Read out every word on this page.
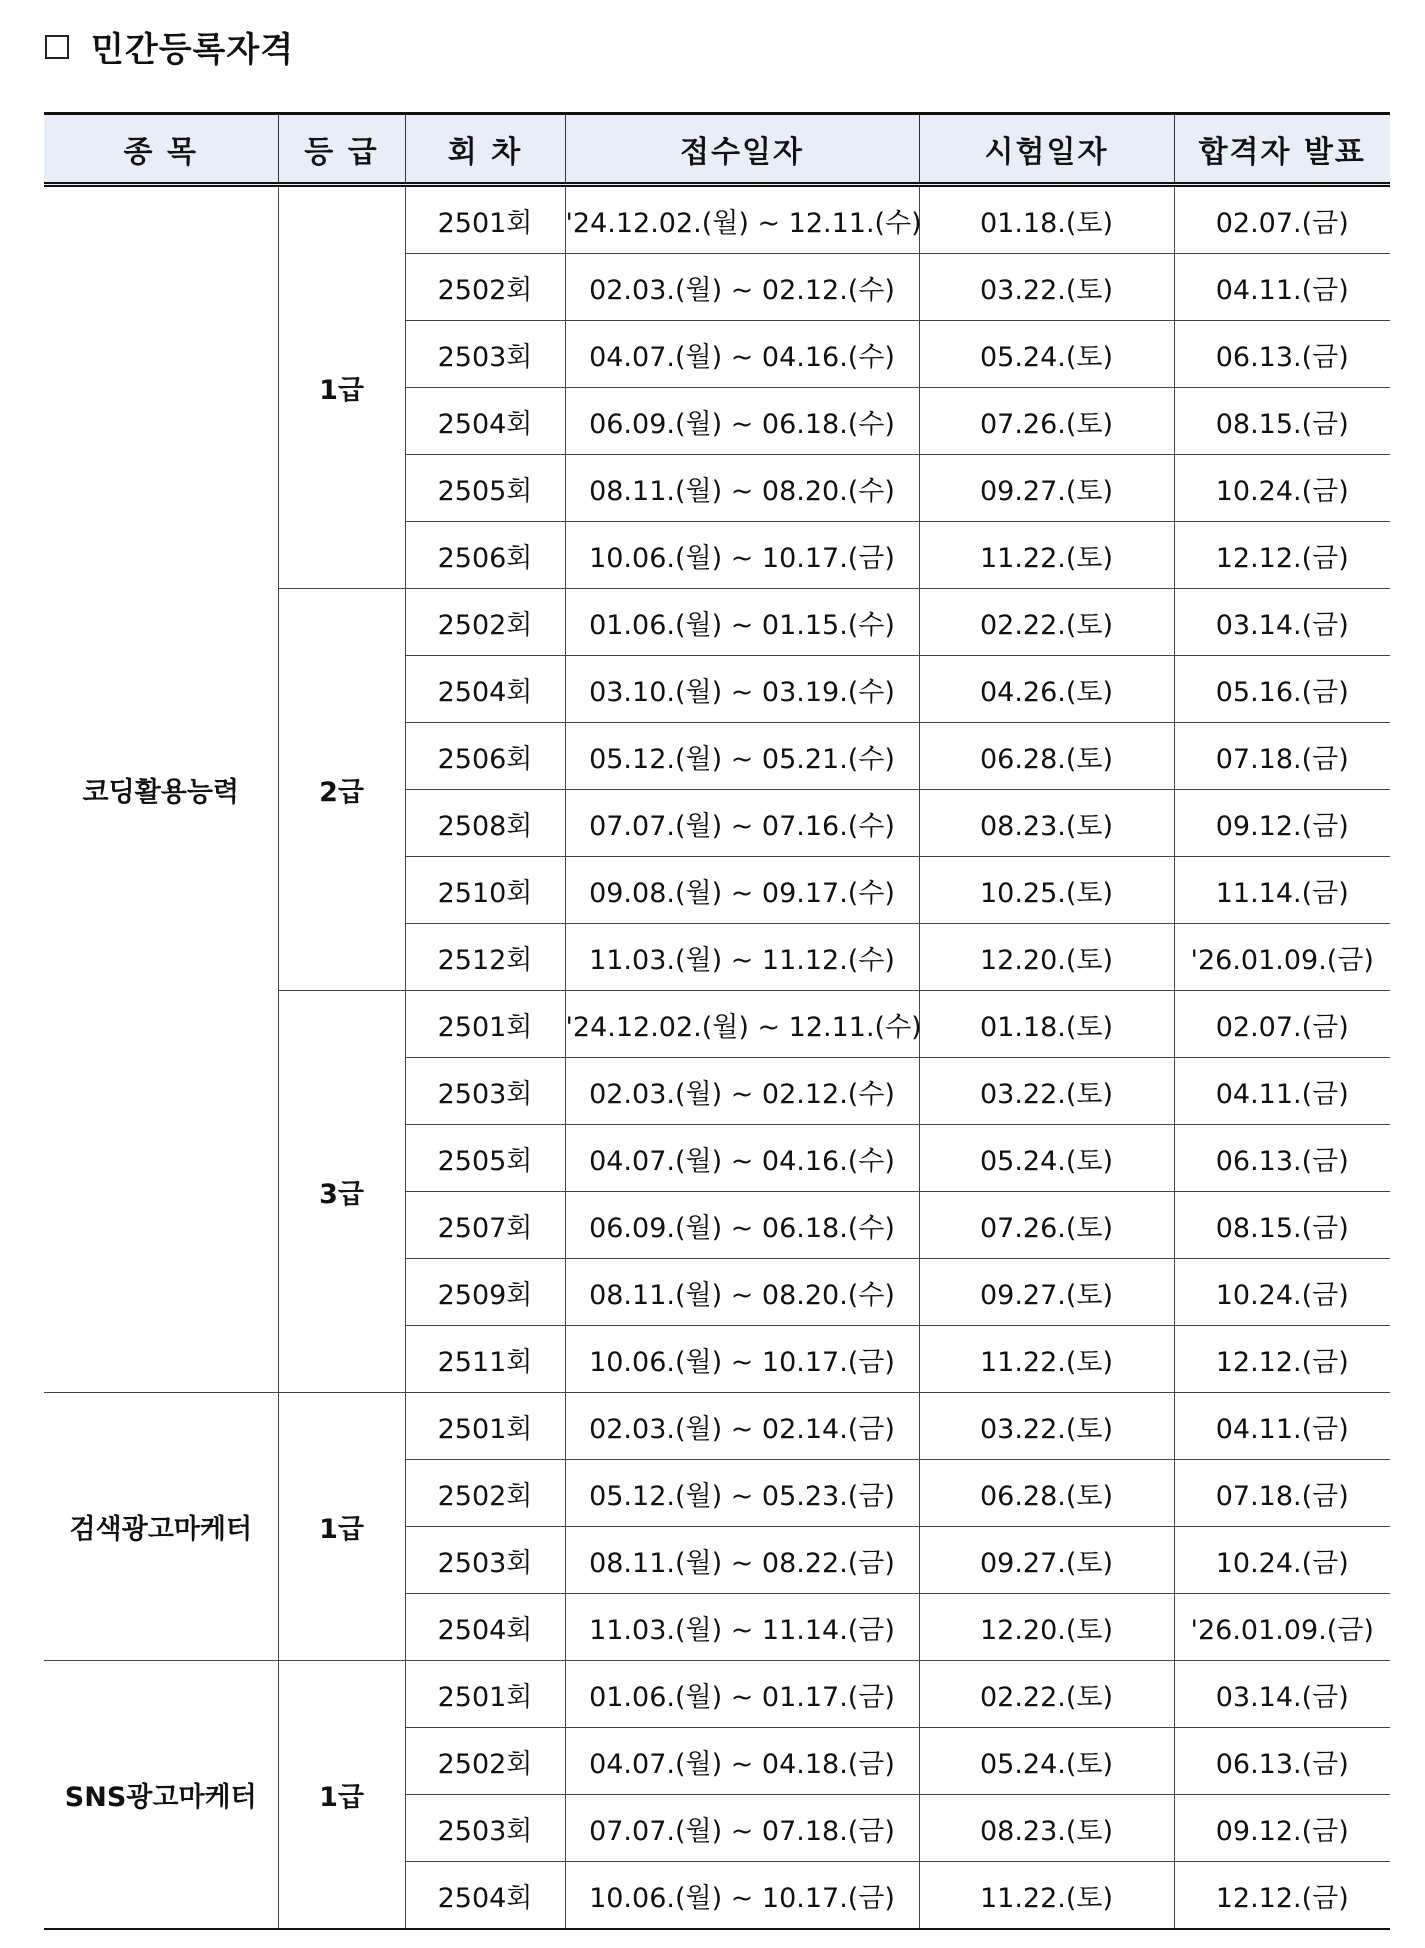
민간등록자격
종 목	등 급	회 차	접수일자	시험일자	합격자 발표
코딩활용능력	1급	2501회	'24.12.02.(월) ~ 12.11.(수)	01.18.(토)	02.07.(금)
		2502회	02.03.(월) ~ 02.12.(수)	03.22.(토)	04.11.(금)
		2503회	04.07.(월) ~ 04.16.(수)	05.24.(토)	06.13.(금)
		2504회	06.09.(월) ~ 06.18.(수)	07.26.(토)	08.15.(금)
		2505회	08.11.(월) ~ 08.20.(수)	09.27.(토)	10.24.(금)
		2506회	10.06.(월) ~ 10.17.(금)	11.22.(토)	12.12.(금)
	2급	2502회	01.06.(월) ~ 01.15.(수)	02.22.(토)	03.14.(금)
		2504회	03.10.(월) ~ 03.19.(수)	04.26.(토)	05.16.(금)
		2506회	05.12.(월) ~ 05.21.(수)	06.28.(토)	07.18.(금)
		2508회	07.07.(월) ~ 07.16.(수)	08.23.(토)	09.12.(금)
		2510회	09.08.(월) ~ 09.17.(수)	10.25.(토)	11.14.(금)
		2512회	11.03.(월) ~ 11.12.(수)	12.20.(토)	'26.01.09.(금)
	3급	2501회	'24.12.02.(월) ~ 12.11.(수)	01.18.(토)	02.07.(금)
		2503회	02.03.(월) ~ 02.12.(수)	03.22.(토)	04.11.(금)
		2505회	04.07.(월) ~ 04.16.(수)	05.24.(토)	06.13.(금)
		2507회	06.09.(월) ~ 06.18.(수)	07.26.(토)	08.15.(금)
		2509회	08.11.(월) ~ 08.20.(수)	09.27.(토)	10.24.(금)
		2511회	10.06.(월) ~ 10.17.(금)	11.22.(토)	12.12.(금)
검색광고마케터	1급	2501회	02.03.(월) ~ 02.14.(금)	03.22.(토)	04.11.(금)
		2502회	05.12.(월) ~ 05.23.(금)	06.28.(토)	07.18.(금)
		2503회	08.11.(월) ~ 08.22.(금)	09.27.(토)	10.24.(금)
		2504회	11.03.(월) ~ 11.14.(금)	12.20.(토)	'26.01.09.(금)
SNS광고마케터	1급	2501회	01.06.(월) ~ 01.17.(금)	02.22.(토)	03.14.(금)
		2502회	04.07.(월) ~ 04.18.(금)	05.24.(토)	06.13.(금)
		2503회	07.07.(월) ~ 07.18.(금)	08.23.(토)	09.12.(금)
		2504회	10.06.(월) ~ 10.17.(금)	11.22.(토)	12.12.(금)
